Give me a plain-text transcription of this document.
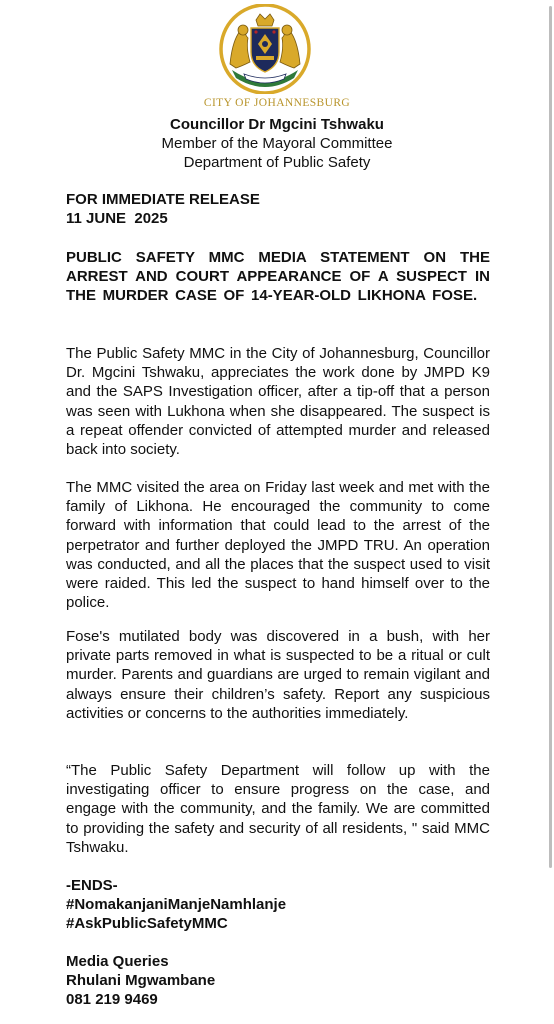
CITY OF JOHANNESBURG
Councillor Dr Mgcini Tshwaku
Member of the Mayoral Committee
Department of Public Safety
FOR IMMEDIATE RELEASE
11 JUNE  2025
PUBLIC SAFETY MMC MEDIA STATEMENT ON THE ARREST AND COURT APPEARANCE OF A SUSPECT IN THE MURDER CASE OF 14-YEAR-OLD LIKHONA FOSE.
The Public Safety MMC in the City of Johannesburg, Councillor Dr. Mgcini Tshwaku, appreciates the work done by JMPD K9 and the SAPS Investigation officer, after a tip-off that a person was seen with Lukhona when she disappeared. The suspect is a repeat offender convicted of attempted murder and released back into society.
The MMC visited the area on Friday last week and met with the family of Likhona. He encouraged the community to come forward with information that could lead to the arrest of the perpetrator and further deployed the JMPD TRU. An operation was conducted, and all the places that the suspect used to visit were raided. This led the suspect to hand himself over to the police.
Fose's mutilated body was discovered in a bush, with her private parts removed in what is suspected to be a ritual or cult murder. Parents and guardians are urged to remain vigilant and always ensure their children’s safety. Report any suspicious activities or concerns to the authorities immediately.
“The Public Safety Department will follow up with the investigating officer to ensure progress on the case, and engage with the community, and the family. We are committed to providing the safety and security of all residents, " said MMC Tshwaku.
-ENDS-
#NomakanjaniManjeNamhlanje
#AskPublicSafetyMMC
Media Queries
Rhulani Mgwambane
081 219 9469
